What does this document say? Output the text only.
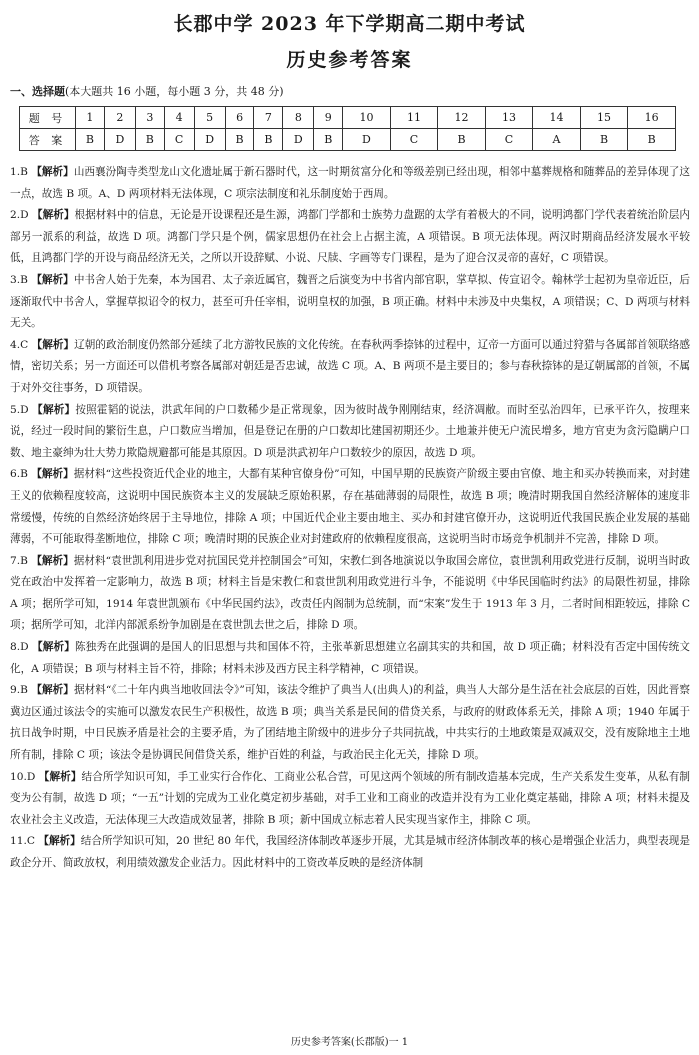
长郡中学 2023 年下学期高二期中考试
历史参考答案
一、选择题(本大题共 16 小题，每小题 3 分，共 48 分)
题 号	1	2	3	4	5	6	7	8	9	10	11	12	13	14	15	16
答 案	B	D	B	C	D	B	B	D	B	D	C	B	C	A	B	B

1.B 【解析】山西襄汾陶寺类型龙山文化遗址属于新石器时代，这一时期贫富分化和等级差别已经出现，相邻中墓葬规格和随葬品的差异体现了这一点，故选 B 项。A、D 两项材料无法体现，C 项宗法制度和礼乐制度始于西周。

2.D 【解析】根据材料中的信息，无论是开设课程还是生源，鸿都门学都和士族势力盘踞的太学有着极大的不同，说明鸿都门学代表着统治阶层内部另一派系的利益，故选 D 项。鸿都门学只是个例，儒家思想仍在社会上占据主流，A 项错误。B 项无法体现。两汉时期商品经济发展水平较低，且鸿都门学的开设与商品经济无关，之所以开设辞赋、小说、尺牍、字画等专门课程，是为了迎合汉灵帝的喜好，C 项错误。

3.B 【解析】中书舍人始于先秦，本为国君、太子亲近属官，魏晋之后演变为中书省内部官职，掌草拟、传宣诏令。翰林学士起初为皇帝近臣，后逐渐取代中书舍人，掌握草拟诏令的权力，甚至可升任宰相，说明皇权的加强，B 项正确。材料中未涉及中央集权，A 项错误；C、D 两项与材料无关。

4.C 【解析】辽朝的政治制度仍然部分延续了北方游牧民族的文化传统。在春秋两季捺钵的过程中，辽帝一方面可以通过狩猎与各属部首领联络感情，密切关系；另一方面还可以借机考察各属部对朝廷是否忠诚，故选 C 项。A、B 两项不是主要目的；参与春秋捺钵的是辽朝属部的首领，不属于对外交往事务，D 项错误。

5.D 【解析】按照霍韬的说法，洪武年间的户口数稀少是正常现象，因为彼时战争刚刚结束，经济凋敝。而时至弘治四年，已承平许久，按理来说，经过一段时间的繁衍生息，户口数应当增加，但是登记在册的户口数却比建国初期还少。土地兼并使无户流民增多，地方官吏为贪污隐瞒户口数、地主豪绅为壮大势力欺隐规避都可能是其原因。D 项是洪武初年户口数较少的原因，故选 D 项。

6.B 【解析】据材料“这些投资近代企业的地主，大都有某种官僚身份”可知，中国早期的民族资产阶级主要由官僚、地主和买办转换而来，对封建王义的依赖程度较高，这说明中国民族资本主义的发展缺乏原始积累，存在基础薄弱的局限性，故选 B 项；晚清时期我国自然经济解体的速度非常缓慢，传统的自然经济始终居于主导地位，排除 A 项；中国近代企业主要由地主、买办和封建官僚开办，这说明近代我国民族企业发展的基础薄弱，不可能取得垄断地位，排除 C 项；晚清时期的民族企业对封建政府的依赖程度很高，这说明当时市场竞争机制并不完善，排除 D 项。

7.B 【解析】据材料“袁世凯利用进步党对抗国民党并控制国会”可知，宋教仁到各地演说以争取国会席位，袁世凯利用政党进行反制，说明当时政党在政治中发挥着一定影响力，故选 B 项；材料主旨是宋教仁和袁世凯利用政党进行斗争，不能说明《中华民国临时约法》的局限性初显，排除 A 项；据所学可知，1914 年袁世凯颁布《中华民国约法》，改责任内阁制为总统制，而“宋案”发生于 1913 年 3 月，二者时间相距较远，排除 C 项；据所学可知，北洋内部派系纷争加剧是在袁世凯去世之后，排除 D 项。

8.D 【解析】陈独秀在此强调的是国人的旧思想与共和国体不符，主张革新思想建立名副其实的共和国，故 D 项正确；材料没有否定中国传统文化，A 项错误；B 项与材料主旨不符，排除；材料未涉及西方民主科学精神，C 项错误。

9.B 【解析】据材料“《二十年内典当地收回法令》”可知，该法令维护了典当人(出典人)的利益，典当人大部分是生活在社会底层的百姓，因此晋察冀边区通过该法令的实施可以激发农民生产积极性，故选 B 项；典当关系是民间的借贷关系，与政府的财政体系无关，排除 A 项；1940 年属于抗日战争时期，中日民族矛盾是社会的主要矛盾，为了团结地主阶级中的进步分子共同抗战，中共实行的土地政策是双减双交，没有废除地主土地所有制，排除 C 项；该法令是协调民间借贷关系，维护百姓的利益，与政治民主化无关，排除 D 项。

10.D 【解析】结合所学知识可知，手工业实行合作化、工商业公私合营，可见这两个领域的所有制改造基本完成，生产关系发生变革，从私有制变为公有制，故选 D 项；“一五”计划的完成为工业化奠定初步基础，对手工业和工商业的改造并没有为工业化奠定基础，排除 A 项；材料未提及农业社会主义改造，无法体现三大改造成效显著，排除 B 项；新中国成立标志着人民实现当家作主，排除 C 项。

11.C 【解析】结合所学知识可知，20 世纪 80 年代，我国经济体制改革逐步开展，尤其是城市经济体制改革的核心是增强企业活力，典型表现是政企分开、简政放权，利用绩效激发企业活力。因此材料中的工资改革反映的是经济体制

历史参考答案(长郡版)一 1
